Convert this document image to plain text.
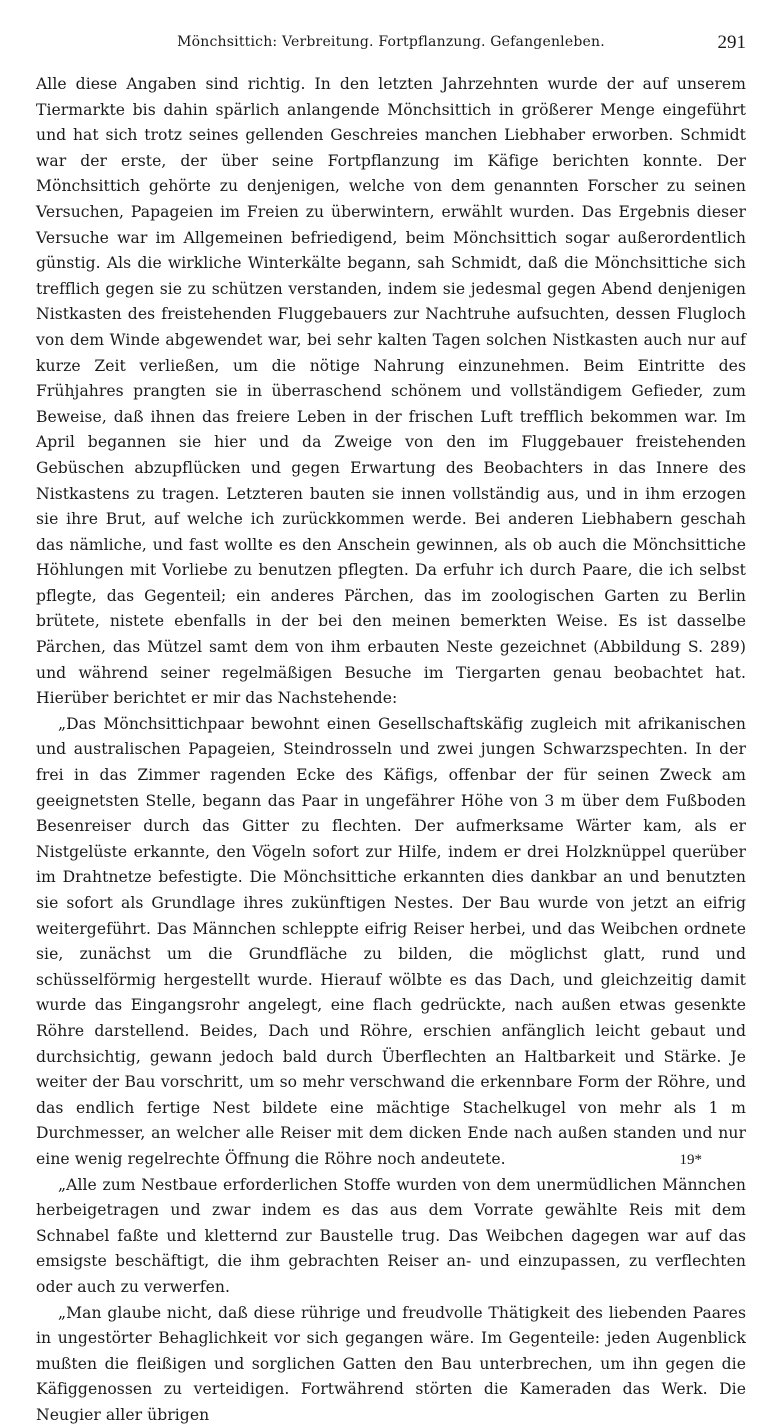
Mönchsittich: Verbreitung. Fortpflanzung. Gefangenleben.	291

Alle diese Angaben sind richtig. In den letzten Jahrzehnten wurde der auf unserem Tiermarkte bis dahin spärlich anlangende Mönchsittich in größerer Menge eingeführt und hat sich trotz seines gellenden Geschreies manchen Liebhaber erworben. Schmidt war der erste, der über seine Fortpflanzung im Käfige berichten konnte. Der Mönchsittich gehörte zu denjenigen, welche von dem genannten Forscher zu seinen Versuchen, Papageien im Freien zu überwintern, erwählt wurden. Das Ergebnis dieser Versuche war im Allgemeinen befriedigend, beim Mönchsittich sogar außerordentlich günstig. Als die wirkliche Winterkälte begann, sah Schmidt, daß die Mönchsittiche sich trefflich gegen sie zu schützen verstanden, indem sie jedesmal gegen Abend denjenigen Nistkasten des freistehenden Fluggebauers zur Nachtruhe aufsuchten, dessen Flugloch von dem Winde abgewendet war, bei sehr kalten Tagen solchen Nistkasten auch nur auf kurze Zeit verließen, um die nötige Nahrung einzunehmen. Beim Eintritte des Frühjahres prangten sie in überraschend schönem und vollständigem Gefieder, zum Beweise, daß ihnen das freiere Leben in der frischen Luft trefflich bekommen war. Im April begannen sie hier und da Zweige von den im Fluggebauer freistehenden Gebüschen abzupflücken und gegen Erwartung des Beobachters in das Innere des Nistkastens zu tragen. Letzteren bauten sie innen vollständig aus, und in ihm erzogen sie ihre Brut, auf welche ich zurückkommen werde. Bei anderen Liebhabern geschah das nämliche, und fast wollte es den Anschein gewinnen, als ob auch die Mönchsittiche Höhlungen mit Vorliebe zu benutzen pflegten. Da erfuhr ich durch Paare, die ich selbst pflegte, das Gegenteil; ein anderes Pärchen, das im zoologischen Garten zu Berlin brütete, nistete ebenfalls in der bei den meinen bemerkten Weise. Es ist dasselbe Pärchen, das Mützel samt dem von ihm erbauten Neste gezeichnet (Abbildung S. 289) und während seiner regelmäßigen Besuche im Tiergarten genau beobachtet hat. Hierüber berichtet er mir das Nachstehende:

„Das Mönchsittichpaar bewohnt einen Gesellschaftskäfig zugleich mit afrikanischen und australischen Papageien, Steindrosseln und zwei jungen Schwarzspechten. In der frei in das Zimmer ragenden Ecke des Käfigs, offenbar der für seinen Zweck am geeignetsten Stelle, begann das Paar in ungefährer Höhe von 3 m über dem Fußboden Besenreiser durch das Gitter zu flechten. Der aufmerksame Wärter kam, als er Nistgelüste erkannte, den Vögeln sofort zur Hilfe, indem er drei Holzknüppel querüber im Drahtnetze befestigte. Die Mönchsittiche erkannten dies dankbar an und benutzten sie sofort als Grundlage ihres zukünftigen Nestes. Der Bau wurde von jetzt an eifrig weitergeführt. Das Männchen schleppte eifrig Reiser herbei, und das Weibchen ordnete sie, zunächst um die Grundfläche zu bilden, die möglichst glatt, rund und schüsselförmig hergestellt wurde. Hierauf wölbte es das Dach, und gleichzeitig damit wurde das Eingangsrohr angelegt, eine flach gedrückte, nach außen etwas gesenkte Röhre darstellend. Beides, Dach und Röhre, erschien anfänglich leicht gebaut und durchsichtig, gewann jedoch bald durch Überflechten an Haltbarkeit und Stärke. Je weiter der Bau vorschritt, um so mehr verschwand die erkennbare Form der Röhre, und das endlich fertige Nest bildete eine mächtige Stachelkugel von mehr als 1 m Durchmesser, an welcher alle Reiser mit dem dicken Ende nach außen standen und nur eine wenig regelrechte Öffnung die Röhre noch andeutete.

„Alle zum Nestbaue erforderlichen Stoffe wurden von dem unermüdlichen Männchen herbeigetragen und zwar indem es das aus dem Vorrate gewählte Reis mit dem Schnabel faßte und kletternd zur Baustelle trug. Das Weibchen dagegen war auf das emsigste beschäftigt, die ihm gebrachten Reiser an- und einzupassen, zu verflechten oder auch zu verwerfen.

„Man glaube nicht, daß diese rührige und freudvolle Thätigkeit des liebenden Paares in ungestörter Behaglichkeit vor sich gegangen wäre. Im Gegenteile: jeden Augenblick mußten die fleißigen und sorglichen Gatten den Bau unterbrechen, um ihn gegen die Käfiggenossen zu verteidigen. Fortwährend störten die Kameraden das Werk. Die Neugier aller übrigen

19*
